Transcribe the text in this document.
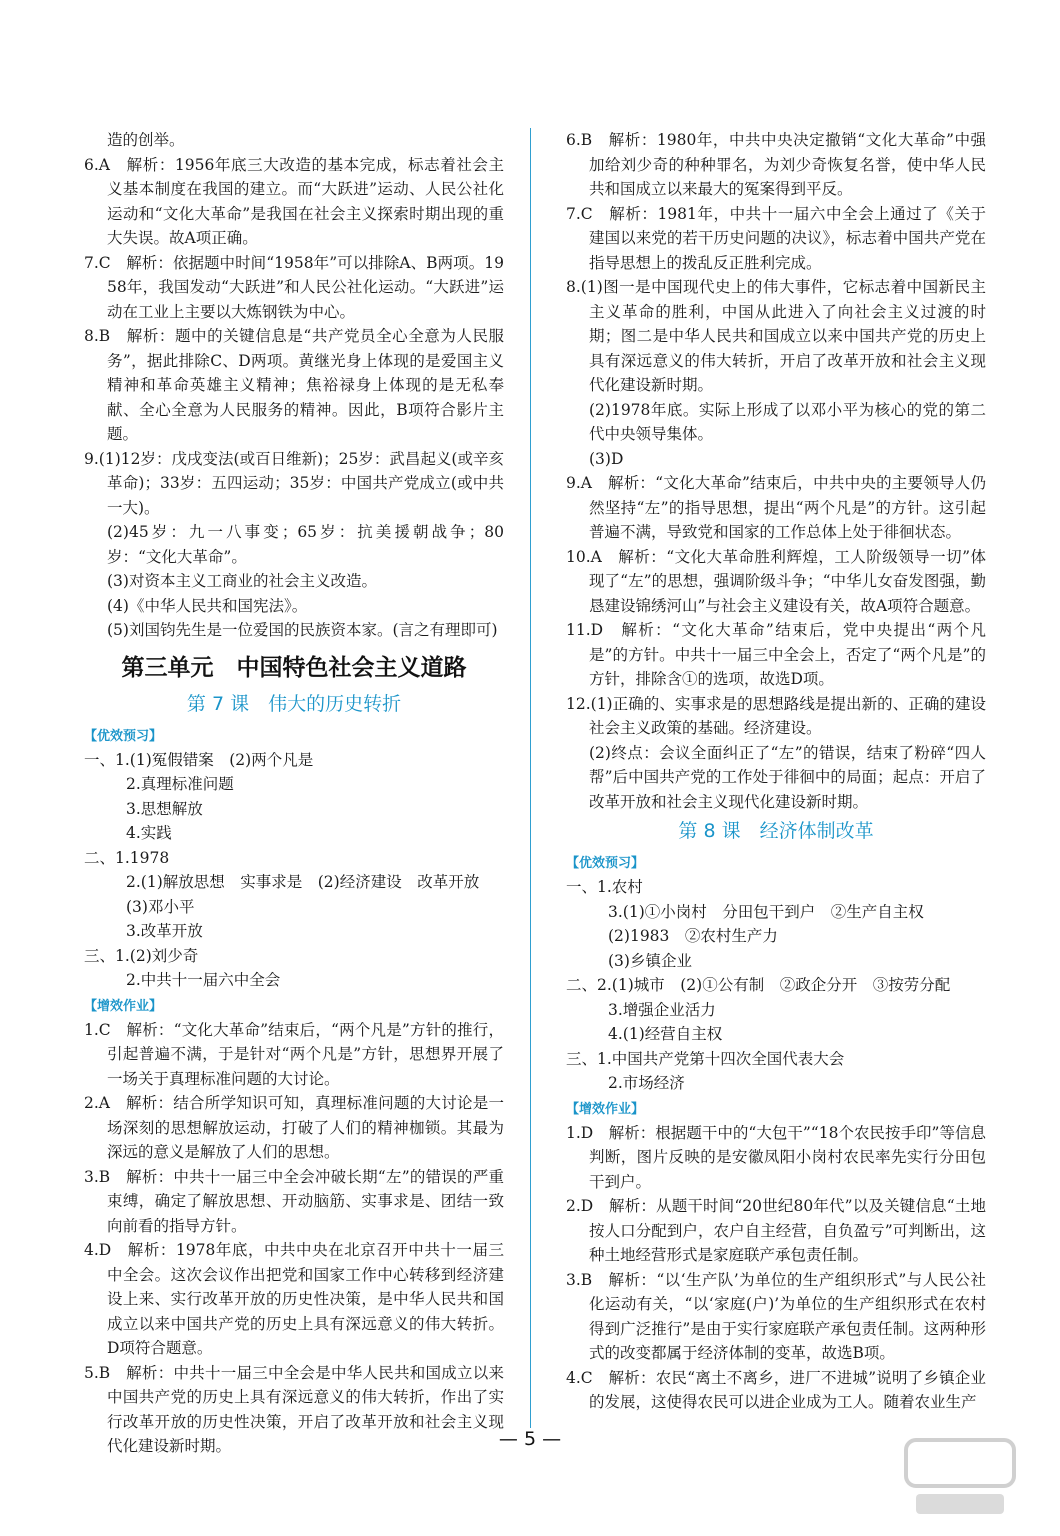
造的创举。
6.A　解析：1956年底三大改造的基本完成，标志着社会主义基本制度在我国的建立。而“大跃进”运动、人民公社化运动和“文化大革命”是我国在社会主义探索时期出现的重大失误。故A项正确。
7.C　解析：依据题中时间“1958年”可以排除A、B两项。1958年，我国发动“大跃进”和人民公社化运动。“大跃进”运动在工业上主要以大炼钢铁为中心。
8.B　解析：题中的关键信息是“共产党员全心全意为人民服务”，据此排除C、D两项。黄继光身上体现的是爱国主义精神和革命英雄主义精神；焦裕禄身上体现的是无私奉献、全心全意为人民服务的精神。因此，B项符合影片主题。
9.(1)12岁：戊戌变法(或百日维新)；25岁：武昌起义(或辛亥革命)；33岁：五四运动；35岁：中国共产党成立(或中共一大)。
(2)45岁：九一八事变；65岁：抗美援朝战争；80岁：“文化大革命”。
(3)对资本主义工商业的社会主义改造。
(4)《中华人民共和国宪法》。
(5)刘国钧先生是一位爱国的民族资本家。(言之有理即可)
第三单元　中国特色社会主义道路
第 7 课　伟大的历史转折
【优效预习】
一、1.(1)冤假错案　(2)两个凡是
2.真理标准问题
3.思想解放
4.实践
二、1.1978
2.(1)解放思想　实事求是　(2)经济建设　改革开放
(3)邓小平
3.改革开放
三、1.(2)刘少奇
2.中共十一届六中全会
【增效作业】
1.C　解析：“文化大革命”结束后，“两个凡是”方针的推行，引起普遍不满，于是针对“两个凡是”方针，思想界开展了一场关于真理标准问题的大讨论。
2.A　解析：结合所学知识可知，真理标准问题的大讨论是一场深刻的思想解放运动，打破了人们的精神枷锁。其最为深远的意义是解放了人们的思想。
3.B　解析：中共十一届三中全会冲破长期“左”的错误的严重束缚，确定了解放思想、开动脑筋、实事求是、团结一致向前看的指导方针。
4.D　解析：1978年底，中共中央在北京召开中共十一届三中全会。这次会议作出把党和国家工作中心转移到经济建设上来、实行改革开放的历史性决策，是中华人民共和国成立以来中国共产党的历史上具有深远意义的伟大转折。D项符合题意。
5.B　解析：中共十一届三中全会是中华人民共和国成立以来中国共产党的历史上具有深远意义的伟大转折，作出了实行改革开放的历史性决策，开启了改革开放和社会主义现代化建设新时期。
6.B　解析：1980年，中共中央决定撤销“文化大革命”中强加给刘少奇的种种罪名，为刘少奇恢复名誉，使中华人民共和国成立以来最大的冤案得到平反。
7.C　解析：1981年，中共十一届六中全会上通过了《关于建国以来党的若干历史问题的决议》，标志着中国共产党在指导思想上的拨乱反正胜利完成。
8.(1)图一是中国现代史上的伟大事件，它标志着中国新民主主义革命的胜利，中国从此进入了向社会主义过渡的时期；图二是中华人民共和国成立以来中国共产党的历史上具有深远意义的伟大转折，开启了改革开放和社会主义现代化建设新时期。
(2)1978年底。实际上形成了以邓小平为核心的党的第二代中央领导集体。
(3)D
9.A　解析：“文化大革命”结束后，中共中央的主要领导人仍然坚持“左”的指导思想，提出“两个凡是”的方针。这引起普遍不满，导致党和国家的工作总体上处于徘徊状态。
10.A　解析：“文化大革命胜利辉煌，工人阶级领导一切”体现了“左”的思想，强调阶级斗争；“中华儿女奋发图强，勤恳建设锦绣河山”与社会主义建设有关，故A项符合题意。
11.D　解析：“文化大革命”结束后，党中央提出“两个凡是”的方针。中共十一届三中全会上，否定了“两个凡是”的方针，排除含①的选项，故选D项。
12.(1)正确的、实事求是的思想路线是提出新的、正确的建设社会主义政策的基础。经济建设。
(2)终点：会议全面纠正了“左”的错误，结束了粉碎“四人帮”后中国共产党的工作处于徘徊中的局面；起点：开启了改革开放和社会主义现代化建设新时期。
第 8 课　经济体制改革
【优效预习】
一、1.农村
3.(1)①小岗村　分田包干到户　②生产自主权
(2)1983　②农村生产力
(3)乡镇企业
二、2.(1)城市　(2)①公有制　②政企分开　③按劳分配
3.增强企业活力
4.(1)经营自主权
三、1.中国共产党第十四次全国代表大会
2.市场经济
【增效作业】
1.D　解析：根据题干中的“大包干”“18个农民按手印”等信息判断，图片反映的是安徽凤阳小岗村农民率先实行分田包干到户。
2.D　解析：从题干时间“20世纪80年代”以及关键信息“土地按人口分配到户，农户自主经营，自负盈亏”可判断出，这种土地经营形式是家庭联产承包责任制。
3.B　解析：“以‘生产队’为单位的生产组织形式”与人民公社化运动有关，“以‘家庭(户)’为单位的生产组织形式在农村得到广泛推行”是由于实行家庭联产承包责任制。这两种形式的改变都属于经济体制的变革，故选B项。
4.C　解析：农民“离土不离乡，进厂不进城”说明了乡镇企业的发展，这使得农民可以进企业成为工人。随着农业生产
— 5 —
